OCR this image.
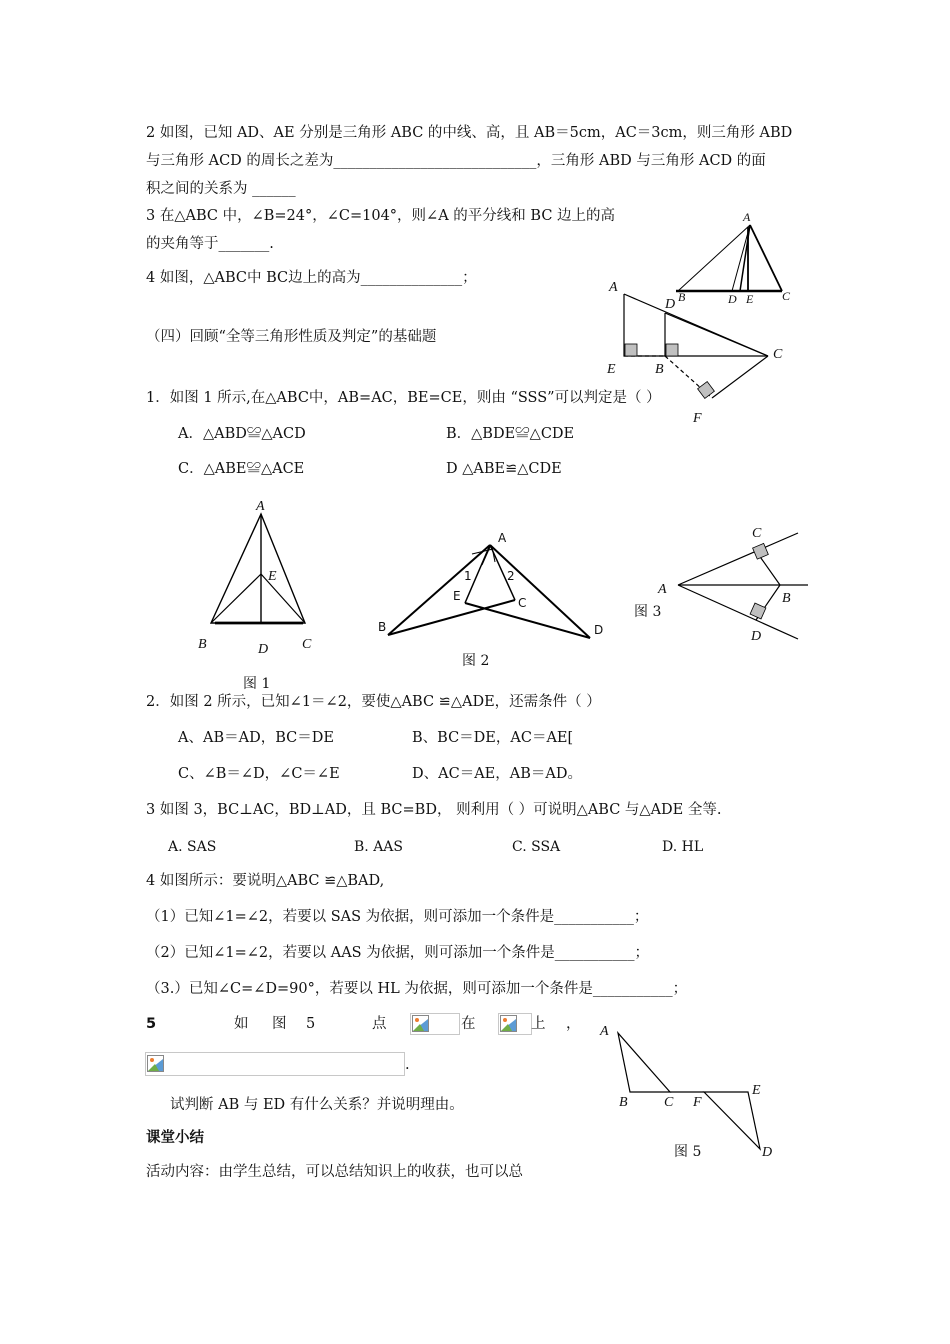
2 如图，已知 AD、AE 分别是三角形 ABC 的中线、高，且 AB＝5cm，AC＝3cm，则三角形 ABD
与三角形 ACD 的周长之差为____________________________，三角形 ABD 与三角形 ACD 的面
积之间的关系为 ______
3 在△ABC 中，∠B=24°，∠C=104°，则∠A 的平分线和 BC 边上的高
的夹角等于_______.
A
B	D E C
4 如图，△ABC中 BC边上的高为______________；
A
D
E	B
C
F
（四）回顾“全等三角形性质及判定”的基础题
1．如图 1 所示,在△ABC中，AB=AC，BE=CE，则由 “SSS”可以判定是（ ）
A．△ABD≌△ACD	B．△BDE≌△CDE
C．△ABE≌△ACE	D △ABE≌△CDE
A
E
B	D C
图 1
A
1	2
E	C
B	D
图 2
C
A
B
D
图 3
2．如图 2 所示，已知∠1＝∠2，要使△ABC ≌△ADE，还需条件（ ）
A、AB＝AD，BC＝DE	B、BC＝DE，AC＝AE[
C、∠B＝∠D，∠C＝∠E	D、AC＝AE，AB＝AD。
3 如图 3，BC⊥AC，BD⊥AD，且 BC=BD， 则利用（ ）可说明△ABC 与△ADE 全等.
A. SAS	B. AAS	C. SSA	D. HL
4 如图所示：要说明△ABC ≌△BAD,
（1）已知∠1=∠2，若要以 SAS 为依据，则可添加一个条件是___________；
（2）已知∠1=∠2，若要以 AAS 为依据，则可添加一个条件是___________；
（3.）已知∠C=∠D=90°，若要以 HL 为依据，则可添加一个条件是___________；
5	如 图 5	点	在	上 ，
.
试判断 AB 与 ED 有什么关系？并说明理由。
A
B	C F
E
D
图 5
课堂小结
活动内容：由学生总结，可以总结知识上的收获，也可以总
